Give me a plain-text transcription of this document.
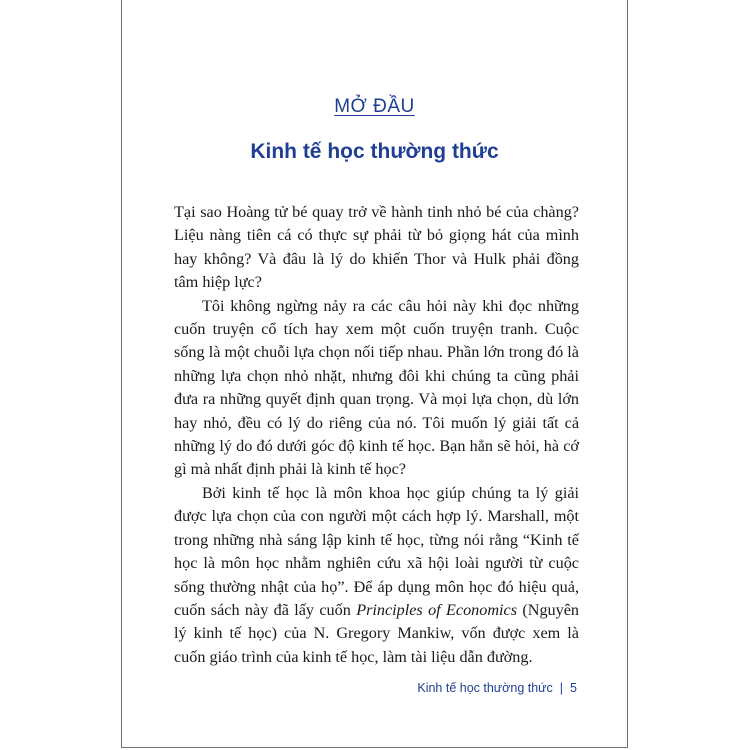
MỞ ĐẦU
Kinh tế học thường thức

Tại sao Hoàng tử bé quay trở về hành tinh nhỏ bé của chàng? Liệu nàng tiên cá có thực sự phải từ bỏ giọng hát của mình hay không? Và đâu là lý do khiến Thor và Hulk phải đồng tâm hiệp lực?

Tôi không ngừng nảy ra các câu hỏi này khi đọc những cuốn truyện cổ tích hay xem một cuốn truyện tranh. Cuộc sống là một chuỗi lựa chọn nối tiếp nhau. Phần lớn trong đó là những lựa chọn nhỏ nhặt, nhưng đôi khi chúng ta cũng phải đưa ra những quyết định quan trọng. Và mọi lựa chọn, dù lớn hay nhỏ, đều có lý do riêng của nó. Tôi muốn lý giải tất cả những lý do đó dưới góc độ kinh tế học. Bạn hẳn sẽ hỏi, hà cớ gì mà nhất định phải là kinh tế học?

Bởi kinh tế học là môn khoa học giúp chúng ta lý giải được lựa chọn của con người một cách hợp lý. Marshall, một trong những nhà sáng lập kinh tế học, từng nói rằng “Kinh tế học là môn học nhằm nghiên cứu xã hội loài người từ cuộc sống thường nhật của họ”. Để áp dụng môn học đó hiệu quả, cuốn sách này đã lấy cuốn Principles of Economics (Nguyên lý kinh tế học) của N. Gregory Mankiw, vốn được xem là cuốn giáo trình của kinh tế học, làm tài liệu dẫn đường.

Kinh tế học thường thức | 5
